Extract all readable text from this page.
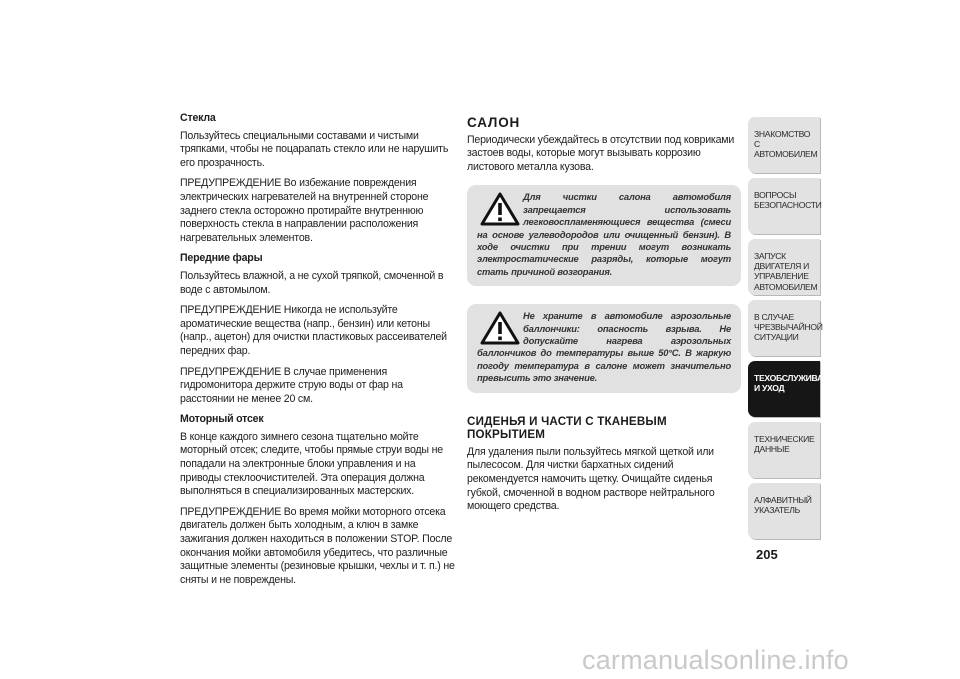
Стекла
Пользуйтесь специальными составами и чистыми тряпками, чтобы не поцарапать стекло или не нарушить его прозрачность.
ПРЕДУПРЕЖДЕНИЕ Во избежание повреждения электрических нагревателей на внутренней стороне заднего стекла осторожно протирайте внутреннюю поверхность стекла в направлении расположения нагревательных элементов.
Передние фары
Пользуйтесь влажной, а не сухой тряпкой, смоченной в воде с автомылом.
ПРЕДУПРЕЖДЕНИЕ Никогда не используйте ароматические вещества (напр., бензин) или кетоны (напр., ацетон) для очистки пластиковых рассеивателей передних фар.
ПРЕДУПРЕЖДЕНИЕ В случае применения гидромонитора держите струю воды от фар на расстоянии не менее 20 см.
Моторный отсек
В конце каждого зимнего сезона тщательно мойте моторный отсек; следите, чтобы прямые струи воды не попадали на электронные блоки управления и на приводы стеклоочистителей. Эта операция должна выполняться в специализированных мастерских.
ПРЕДУПРЕЖДЕНИЕ Во время мойки моторного отсека двигатель должен быть холодным, а ключ в замке зажигания должен находиться в положении STOP. После окончания мойки автомобиля убедитесь, что различные защитные элементы (резиновые крышки, чехлы и т. п.) не сняты и не повреждены.
САЛОН
Периодически убеждайтесь в отсутствии под ковриками застоев воды, которые могут вызывать коррозию листового металла кузова.
Для чистки салона автомобиля запрещается использовать легковоспламеняющиеся вещества (смеси на основе углеводородов или очищенный бензин). В ходе очистки при трении могут возникать электростатические разряды, которые могут стать причиной возгорания.
Не храните в автомобиле аэрозольные баллончики: опасность взрыва. Не допускайте нагрева аэрозольных баллончиков до температуры выше 50°C. В жаркую погоду температура в салоне может значительно превысить это значение.
СИДЕНЬЯ И ЧАСТИ С ТКАНЕВЫМ ПОКРЫТИЕМ
Для удаления пыли пользуйтесь мягкой щеткой или пылесосом. Для чистки бархатных сидений рекомендуется намочить щетку. Очищайте сиденья губкой, смоченной в водном растворе нейтрального моющего средства.
ЗНАКОМСТВО С АВТОМОБИЛЕМ
ВОПРОСЫ БЕЗОПАСНОСТИ
ЗАПУСК ДВИГАТЕЛЯ И УПРАВЛЕНИЕ АВТОМОБИЛЕМ
В СЛУЧАЕ ЧРЕЗВЫЧАЙНОЙ СИТУАЦИИ
ТЕХОБСЛУЖИВАНИЕ И УХОД
ТЕХНИЧЕСКИЕ ДАННЫЕ
АЛФАВИТНЫЙ УКАЗАТЕЛЬ
205
carmanualsonline.info
